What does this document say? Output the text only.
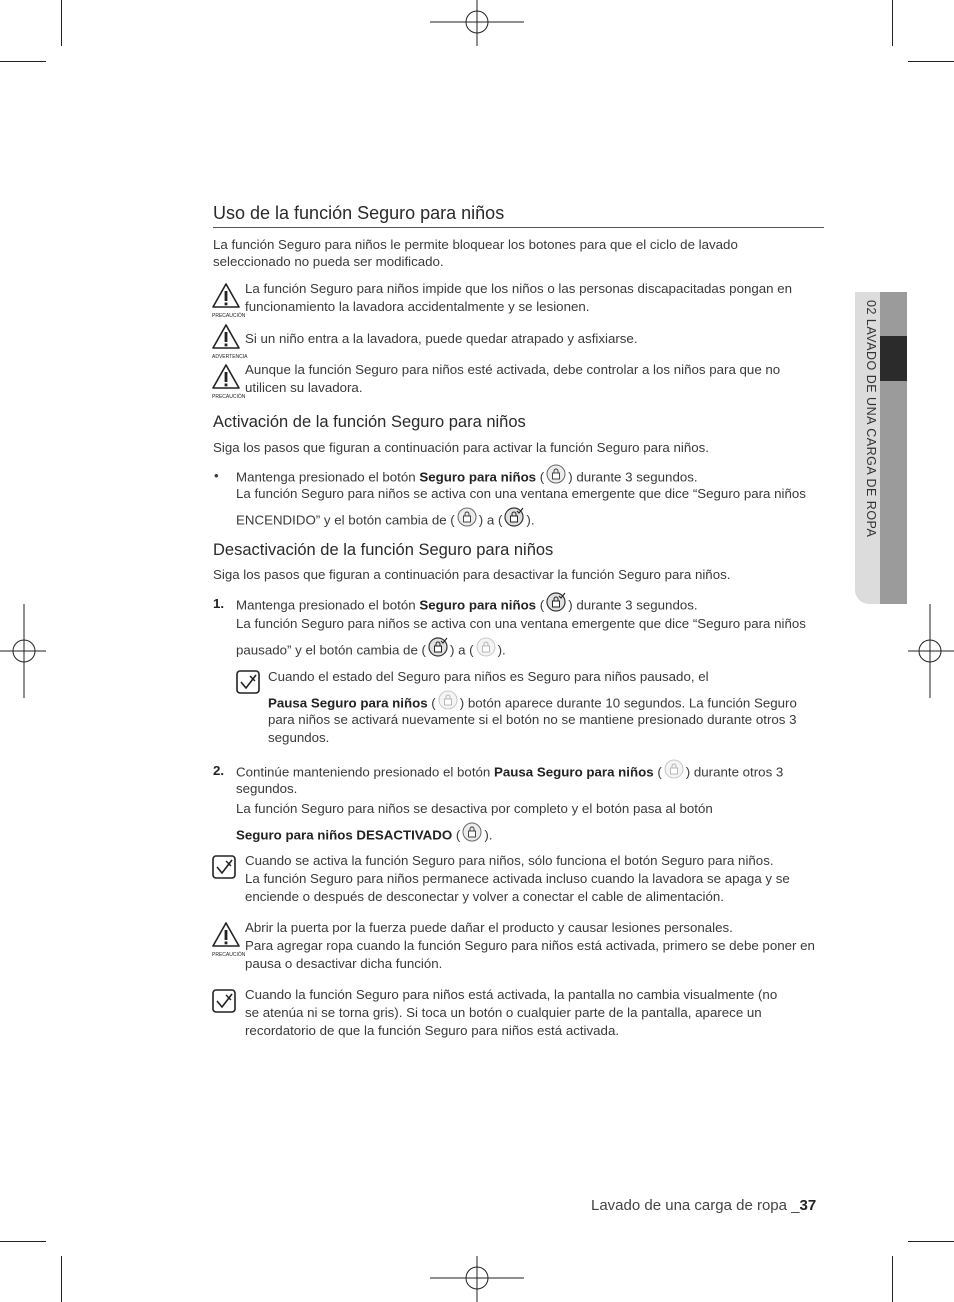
02 LAVADO DE UNA CARGA DE ROPA
Uso de la función Seguro para niños
La función Seguro para niños le permite bloquear los botones para que el ciclo de lavado
seleccionado no pueda ser modificado.
PRECAUCIÓN
La función Seguro para niños impide que los niños o las personas discapacitadas pongan en
funcionamiento la lavadora accidentalmente y se lesionen.
ADVERTENCIA
Si un niño entra a la lavadora, puede quedar atrapado y asfixiarse.
PRECAUCIÓN
Aunque la función Seguro para niños esté activada, debe controlar a los niños para que no
utilicen su lavadora.
Activación de la función Seguro para niños
Siga los pasos que figuran a continuación para activar la función Seguro para niños.
• Mantenga presionado el botón Seguro para niños ( ) durante 3 segundos.
La función Seguro para niños se activa con una ventana emergente que dice “Seguro para niños
ENCENDIDO” y el botón cambia de ( ) a ( ).
Desactivación de la función Seguro para niños
Siga los pasos que figuran a continuación para desactivar la función Seguro para niños.
1. Mantenga presionado el botón Seguro para niños ( ) durante 3 segundos.
La función Seguro para niños se activa con una ventana emergente que dice “Seguro para niños
pausado” y el botón cambia de ( ) a ( ).
Cuando el estado del Seguro para niños es Seguro para niños pausado, el
Pausa Seguro para niños ( ) botón aparece durante 10 segundos. La función Seguro
para niños se activará nuevamente si el botón no se mantiene presionado durante otros 3
segundos.
2. Continúe manteniendo presionado el botón Pausa Seguro para niños ( ) durante otros 3
segundos.
La función Seguro para niños se desactiva por completo y el botón pasa al botón
Seguro para niños DESACTIVADO ( ).
Cuando se activa la función Seguro para niños, sólo funciona el botón Seguro para niños.
La función Seguro para niños permanece activada incluso cuando la lavadora se apaga y se
enciende o después de desconectar y volver a conectar el cable de alimentación.
PRECAUCIÓN
Abrir la puerta por la fuerza puede dañar el producto y causar lesiones personales.
Para agregar ropa cuando la función Seguro para niños está activada, primero se debe poner en
pausa o desactivar dicha función.
Cuando la función Seguro para niños está activada, la pantalla no cambia visualmente (no
se atenúa ni se torna gris). Si toca un botón o cualquier parte de la pantalla, aparece un
recordatorio de que la función Seguro para niños está activada.
Lavado de una carga de ropa _37
